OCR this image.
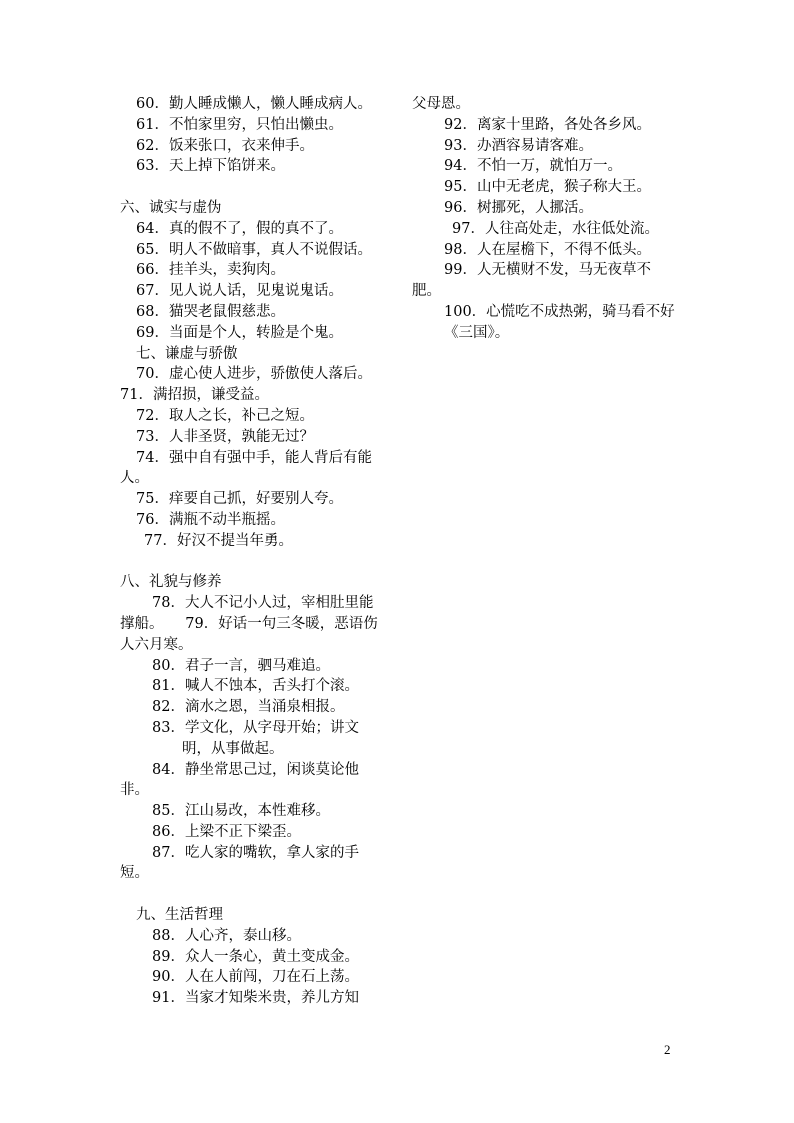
60．勤人睡成懒人，懒人睡成病人。
61．不怕家里穷，只怕出懒虫。
62．饭来张口，衣来伸手。
63．天上掉下馅饼来。
六、诚实与虚伪
64．真的假不了，假的真不了。
65．明人不做暗事，真人不说假话。
66．挂羊头，卖狗肉。
67．见人说人话，见鬼说鬼话。
68．猫哭老鼠假慈悲。
69．当面是个人，转脸是个鬼。
七、谦虚与骄傲
70．虚心使人进步，骄傲使人落后。
71．满招损，谦受益。
72．取人之长，补己之短。
73．人非圣贤，孰能无过？
74．强中自有强中手，能人背后有能人。
75．痒要自己抓，好要别人夸。
76．满瓶不动半瓶摇。
77．好汉不提当年勇。
八、礼貌与修养
78．大人不记小人过，宰相肚里能撑船。　　79．好话一句三冬暖，恶语伤人六月寒。
80．君子一言，驷马难追。
81．喊人不蚀本，舌头打个滚。
82．滴水之恩，当涌泉相报。
83．学文化，从字母开始；讲文
明，从事做起。
84．静坐常思己过，闲谈莫论他非。
85．江山易改，本性难移。
86．上梁不正下梁歪。
87．吃人家的嘴软，拿人家的手短。
九、生活哲理
88．人心齐，泰山移。
89．众人一条心，黄土变成金。
90．人在人前闯，刀在石上荡。
91．当家才知柴米贵，养儿方知
父母恩。
92．离家十里路，各处各乡风。
93．办酒容易请客难。
94．不怕一万，就怕万一。
95．山中无老虎，猴子称大王。
96．树挪死，人挪活。
97．人往高处走，水往低处流。
98．人在屋檐下，不得不低头。
99．人无横财不发，马无夜草不肥。
100．心慌吃不成热粥，骑马看不好《三国》。
2
